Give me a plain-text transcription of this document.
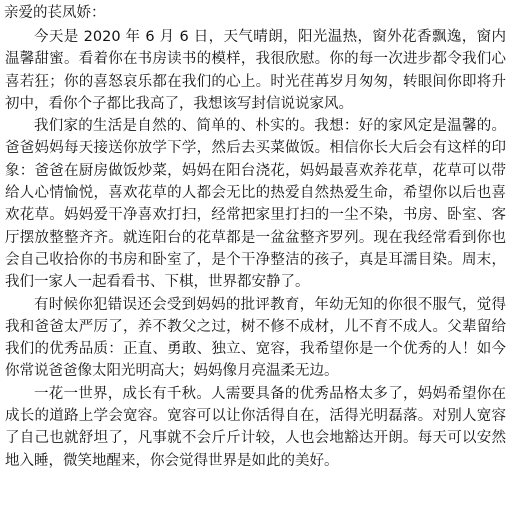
亲爱的苌凤娇：

今天是 2020 年 6 月 6 日，天气晴朗，阳光温热，窗外花香飘逸，窗内温馨甜蜜。看着你在书房读书的模样，我很欣慰。你的每一次进步都令我们心喜若狂；你的喜怒哀乐都在我们的心上。时光荏苒岁月匆匆，转眼间你即将升初中，看你个子都比我高了，我想该写封信说说家风。

我们家的生活是自然的、简单的、朴实的。我想：好的家风定是温馨的。爸爸妈妈每天接送你放学下学，然后去买菜做饭。相信你长大后会有这样的印象：爸爸在厨房做饭炒菜，妈妈在阳台浇花，妈妈最喜欢养花草，花草可以带给人心情愉悦，喜欢花草的人都会无比的热爱自然热爱生命，希望你以后也喜欢花草。妈妈爱干净喜欢打扫，经常把家里打扫的一尘不染，书房、卧室、客厅摆放整整齐齐。就连阳台的花草都是一盆盆整齐罗列。现在我经常看到你也会自己收拾你的书房和卧室了，是个干净整洁的孩子，真是耳濡目染。周末，我们一家人一起看看书、下棋，世界都安静了。

有时候你犯错误还会受到妈妈的批评教育，年幼无知的你很不服气，觉得我和爸爸太严厉了，养不教父之过，树不修不成材，儿不育不成人。父辈留给我们的优秀品质：正直、勇敢、独立、宽容，我希望你是一个优秀的人！如今你常说爸爸像太阳光明高大；妈妈像月亮温柔无边。

一花一世界，成长有千秋。人需要具备的优秀品格太多了，妈妈希望你在成长的道路上学会宽容。宽容可以让你活得自在，活得光明磊落。对别人宽容了自己也就舒坦了，凡事就不会斤斤计较，人也会地豁达开朗。每天可以安然地入睡，微笑地醒来，你会觉得世界是如此的美好。
